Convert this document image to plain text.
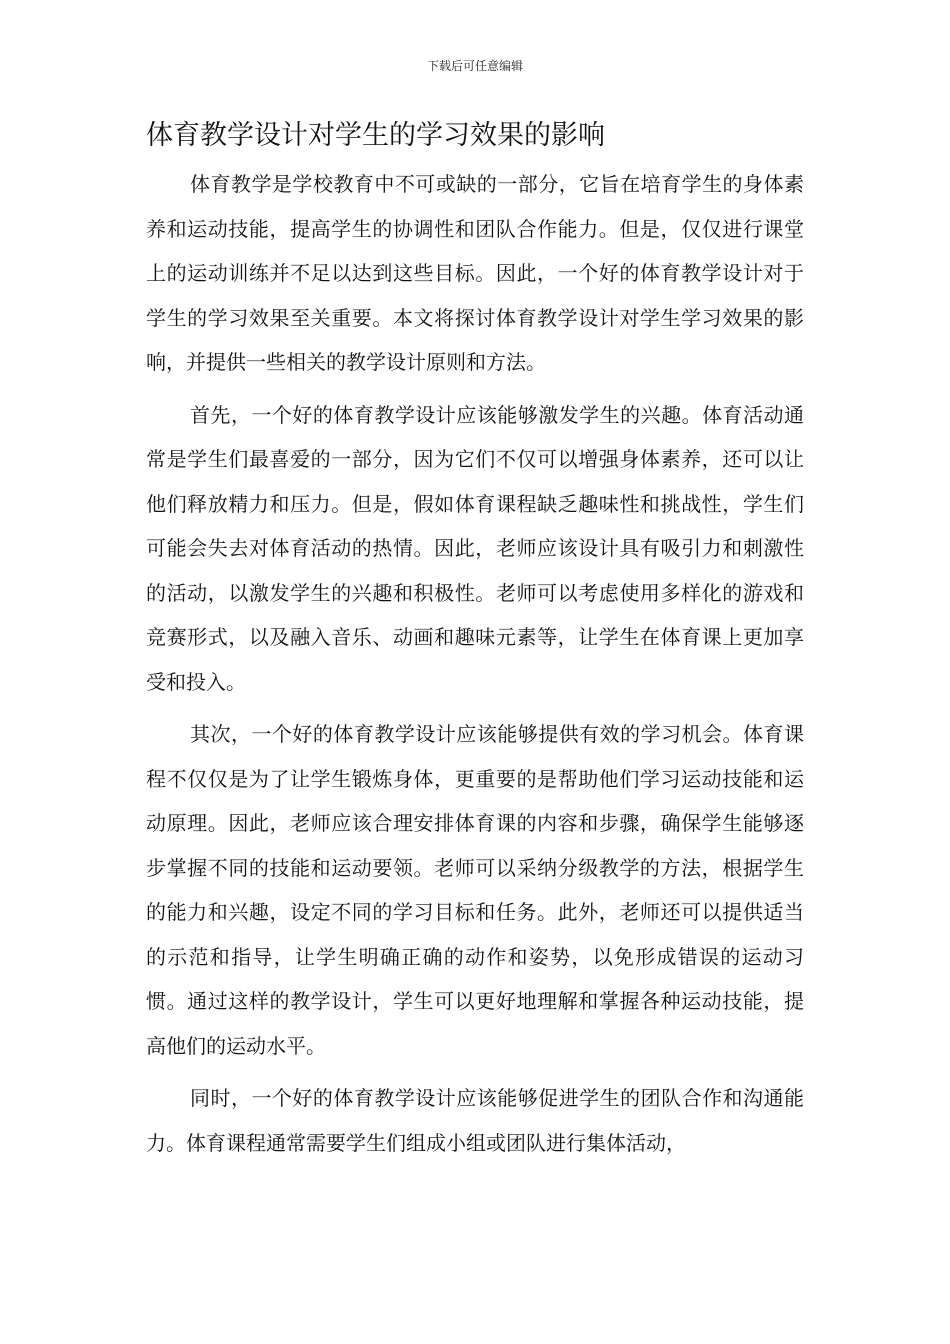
下载后可任意编辑
体育教学设计对学生的学习效果的影响

体育教学是学校教育中不可或缺的一部分，它旨在培育学生的身体素养和运动技能，提高学生的协调性和团队合作能力。但是，仅仅进行课堂上的运动训练并不足以达到这些目标。因此，一个好的体育教学设计对于学生的学习效果至关重要。本文将探讨体育教学设计对学生学习效果的影响，并提供一些相关的教学设计原则和方法。

首先，一个好的体育教学设计应该能够激发学生的兴趣。体育活动通常是学生们最喜爱的一部分，因为它们不仅可以增强身体素养，还可以让他们释放精力和压力。但是，假如体育课程缺乏趣味性和挑战性，学生们可能会失去对体育活动的热情。因此，老师应该设计具有吸引力和刺激性的活动，以激发学生的兴趣和积极性。老师可以考虑使用多样化的游戏和竞赛形式，以及融入音乐、动画和趣味元素等，让学生在体育课上更加享受和投入。

其次，一个好的体育教学设计应该能够提供有效的学习机会。体育课程不仅仅是为了让学生锻炼身体，更重要的是帮助他们学习运动技能和运动原理。因此，老师应该合理安排体育课的内容和步骤，确保学生能够逐步掌握不同的技能和运动要领。老师可以采纳分级教学的方法，根据学生的能力和兴趣，设定不同的学习目标和任务。此外，老师还可以提供适当的示范和指导，让学生明确正确的动作和姿势，以免形成错误的运动习惯。通过这样的教学设计，学生可以更好地理解和掌握各种运动技能，提高他们的运动水平。

同时，一个好的体育教学设计应该能够促进学生的团队合作和沟通能力。体育课程通常需要学生们组成小组或团队进行集体活动，
